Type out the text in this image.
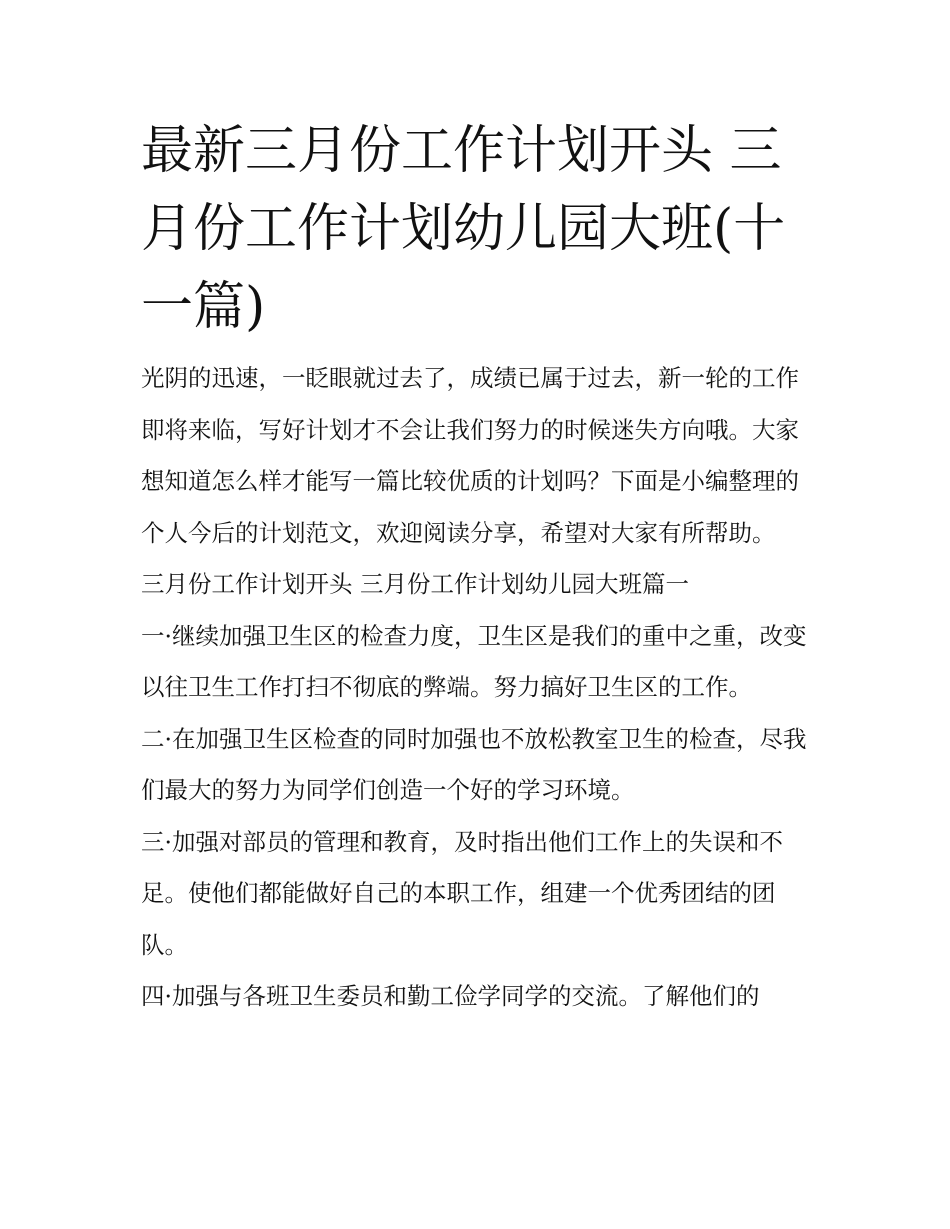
最新三月份工作计划开头 三月份工作计划幼儿园大班(十一篇)

光阴的迅速，一眨眼就过去了，成绩已属于过去，新一轮的工作即将来临，写好计划才不会让我们努力的时候迷失方向哦。大家想知道怎么样才能写一篇比较优质的计划吗？下面是小编整理的个人今后的计划范文，欢迎阅读分享，希望对大家有所帮助。

三月份工作计划开头 三月份工作计划幼儿园大班篇一

一·继续加强卫生区的检查力度，卫生区是我们的重中之重，改变以往卫生工作打扫不彻底的弊端。努力搞好卫生区的工作。

二·在加强卫生区检查的同时加强也不放松教室卫生的检查，尽我们最大的努力为同学们创造一个好的学习环境。

三·加强对部员的管理和教育，及时指出他们工作上的失误和不足。使他们都能做好自己的本职工作，组建一个优秀团结的团队。

四·加强与各班卫生委员和勤工俭学同学的交流。了解他们的
